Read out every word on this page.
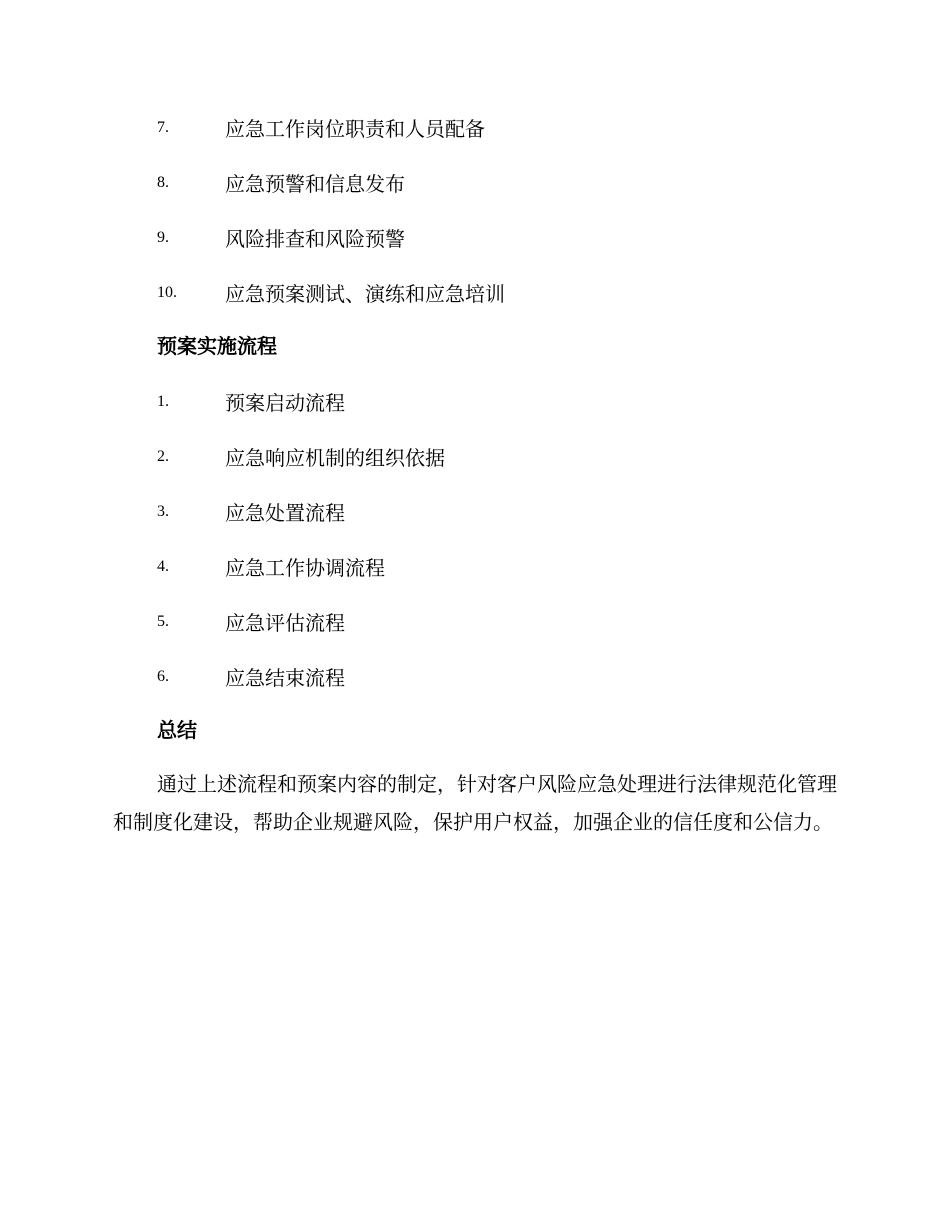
7.	应急工作岗位职责和人员配备
8.	应急预警和信息发布
9.	风险排查和风险预警
10.	应急预案测试、演练和应急培训
预案实施流程
1.	预案启动流程
2.	应急响应机制的组织依据
3.	应急处置流程
4.	应急工作协调流程
5.	应急评估流程
6.	应急结束流程
总结

通过上述流程和预案内容的制定，针对客户风险应急处理进行法律规范化管理和制度化建设，帮助企业规避风险，保护用户权益，加强企业的信任度和公信力。
